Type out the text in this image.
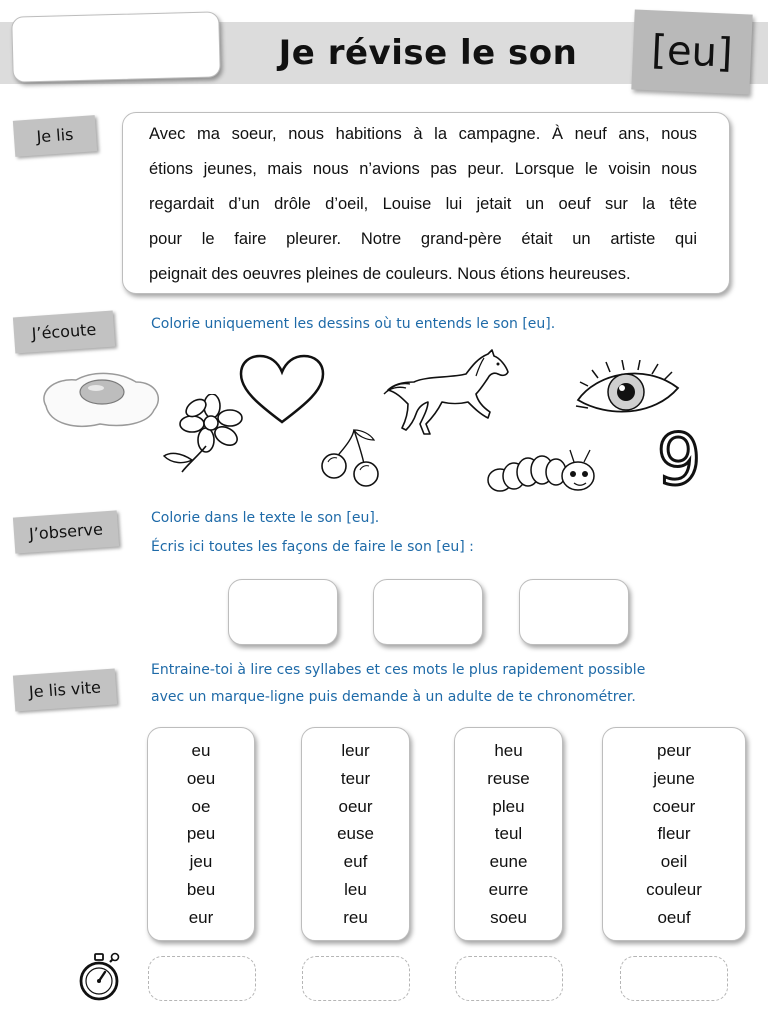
Je révise le son	[eu]
Je lis	Avec ma soeur, nous habitions à la campagne. À neuf ans, nous

étions jeunes, mais nous n’avions pas peur. Lorsque le voisin nous

regardait d’un drôle d’oeil, Louise lui jetait un oeuf sur la tête

pour le faire pleurer. Notre grand-père était un artiste qui

peignait des oeuvres pleines de couleurs. Nous étions heureuses.

J’écoute	Colorie uniquement les dessins où tu entends le son [eu].
9
J’observe
Colorie dans le texte le son [eu].
Écris ici toutes les façons de faire le son [eu] :
Je lis vite
Entraine-toi à lire ces syllabes et ces mots le plus rapidement possible
avec un marque-ligne puis demande à un adulte de te chronométrer.
eu
oeu
oe
peu
jeu
beu
eur
leur
teur
oeur
euse
euf
leu
reu
heu
reuse
pleu
teul
eune
eurre
soeu
peur
jeune
coeur
fleur
oeil
couleur
oeuf
